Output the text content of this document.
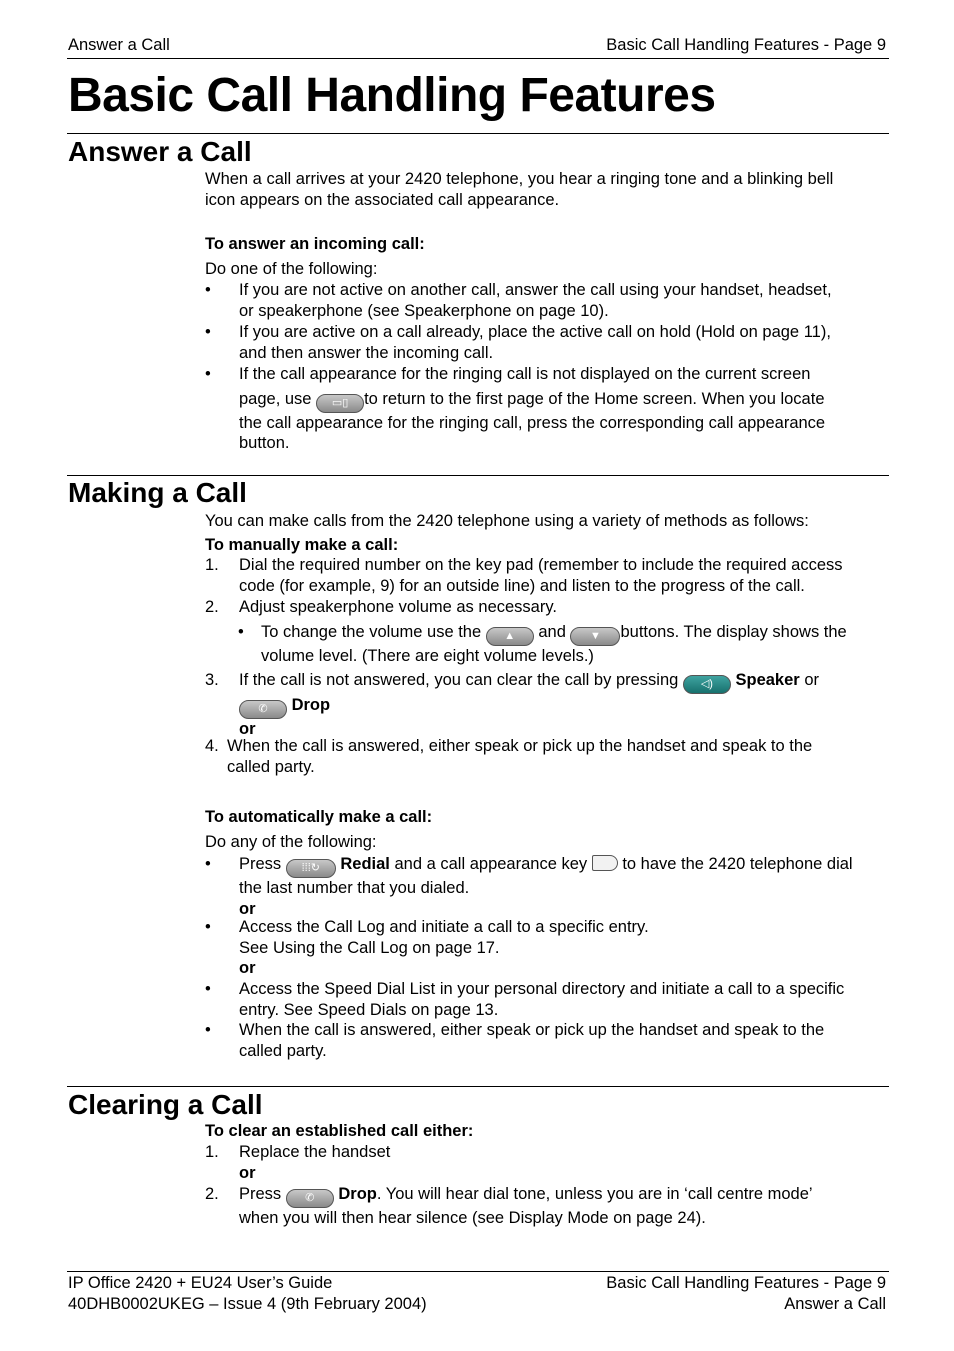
Answer a Call	Basic Call Handling Features - Page 9
Basic Call Handling Features
Answer a Call
When a call arrives at your 2420 telephone, you hear a ringing tone and a blinking bell
icon appears on the associated call appearance.
To answer an incoming call:
Do one of the following:
• If you are not active on another call, answer the call using your handset, headset,
or speakerphone (see Speakerphone on page 10).
• If you are active on a call already, place the active call on hold (Hold on page 11),
and then answer the incoming call.
• If the call appearance for the ringing call is not displayed on the current screen
page, use ▭▯ to return to the first page of the Home screen. When you locate
the call appearance for the ringing call, press the corresponding call appearance
button.
Making a Call
You can make calls from the 2420 telephone using a variety of methods as follows:
To manually make a call:
1. Dial the required number on the key pad (remember to include the required access
code (for example, 9) for an outside line) and listen to the progress of the call.
2. Adjust speakerphone volume as necessary.
• To change the volume use the ▲ and ▼ buttons. The display shows the
volume level. (There are eight volume levels.)
3. If the call is not answered, you can clear the call by pressing ◁) Speaker or
✆ Drop
or
4. When the call is answered, either speak or pick up the handset and speak to the
called party.
To automatically make a call:
Do any of the following:
• Press ⁞⁞⁞↻ Redial and a call appearance key to have the 2420 telephone dial
the last number that you dialed.
or
• Access the Call Log and initiate a call to a specific entry.
See Using the Call Log on page 17.
or
• Access the Speed Dial List in your personal directory and initiate a call to a specific
entry. See Speed Dials on page 13.
• When the call is answered, either speak or pick up the handset and speak to the
called party.
Clearing a Call
To clear an established call either:
1. Replace the handset
or
2. Press ✆ Drop. You will hear dial tone, unless you are in ‘call centre mode’
when you will then hear silence (see Display Mode on page 24).
IP Office 2420 + EU24 User’s Guide
40DHB0002UKEG – Issue 4 (9th February 2004)
Basic Call Handling Features - Page 9
Answer a Call
